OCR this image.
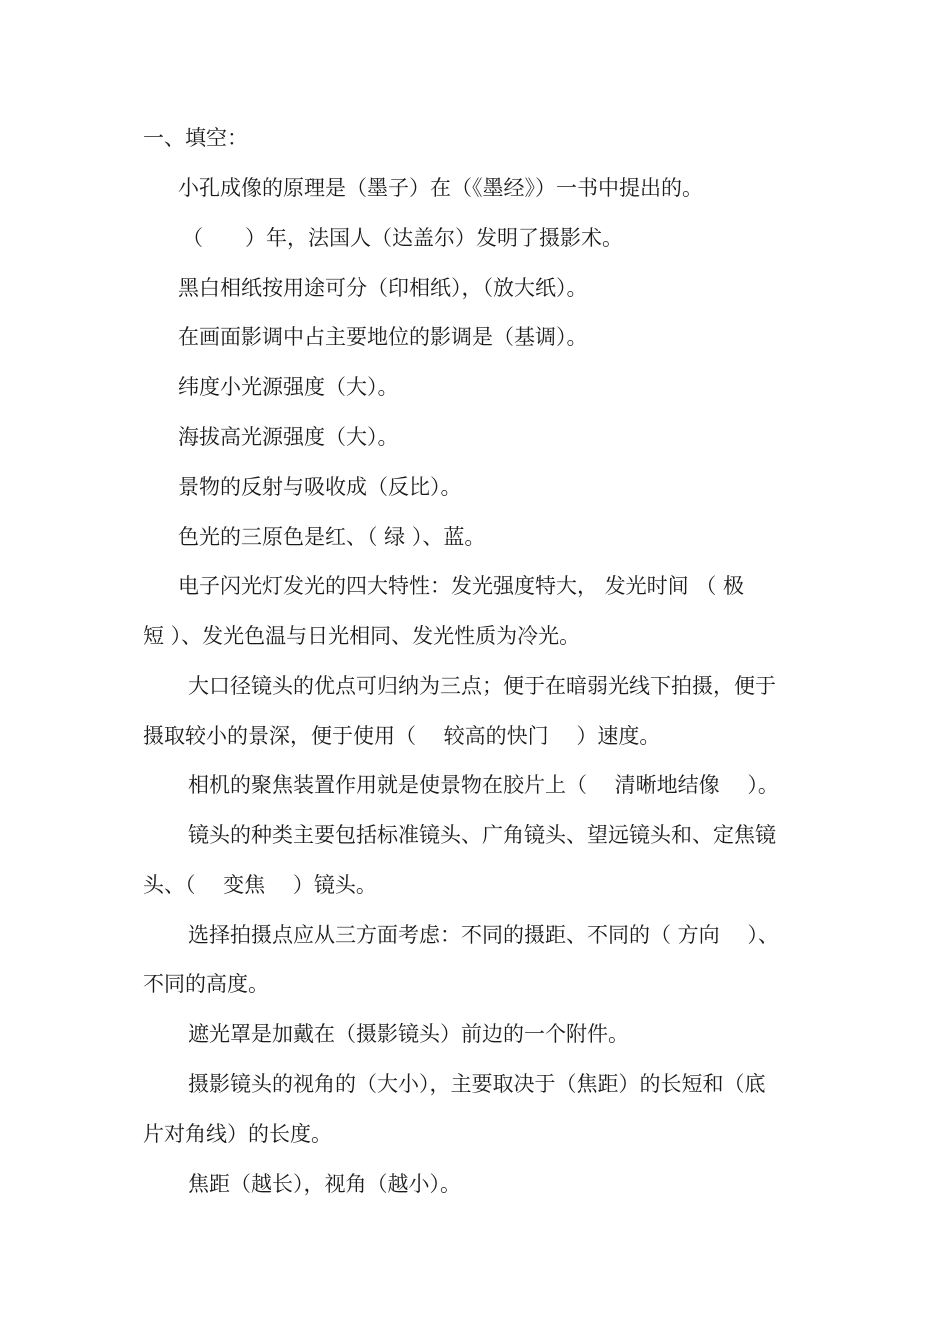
一、填空：
小孔成像的原理是（墨子）在（《墨经》）一书中提出的。
（　　）年，法国人（达盖尔）发明了摄影术。
黑白相纸按用途可分（印相纸），（放大纸）。
在画面影调中占主要地位的影调是（基调）。
纬度小光源强度（大）。
海拔高光源强度（大）。
景物的反射与吸收成（反比）。
色光的三原色是红、（ 绿 ）、蓝。
电子闪光灯发光的四大特性：发光强度特大， 发光时间 （ 极
短 ）、发光色温与日光相同、发光性质为冷光。
大口径镜头的优点可归纳为三点；便于在暗弱光线下拍摄，便于
摄取较小的景深，便于使用（　 较高的快门　 ）速度。
相机的聚焦装置作用就是使景物在胶片上（　 清晰地结像　 ）。
镜头的种类主要包括标准镜头、广角镜头、望远镜头和、定焦镜
头、（　 变焦　 ）镜头。
选择拍摄点应从三方面考虑：不同的摄距、不同的（ 方向　 ）、
不同的高度。
遮光罩是加戴在（摄影镜头）前边的一个附件。
摄影镜头的视角的（大小），主要取决于（焦距）的长短和（底
片对角线）的长度。
焦距（越长），视角（越小）。
